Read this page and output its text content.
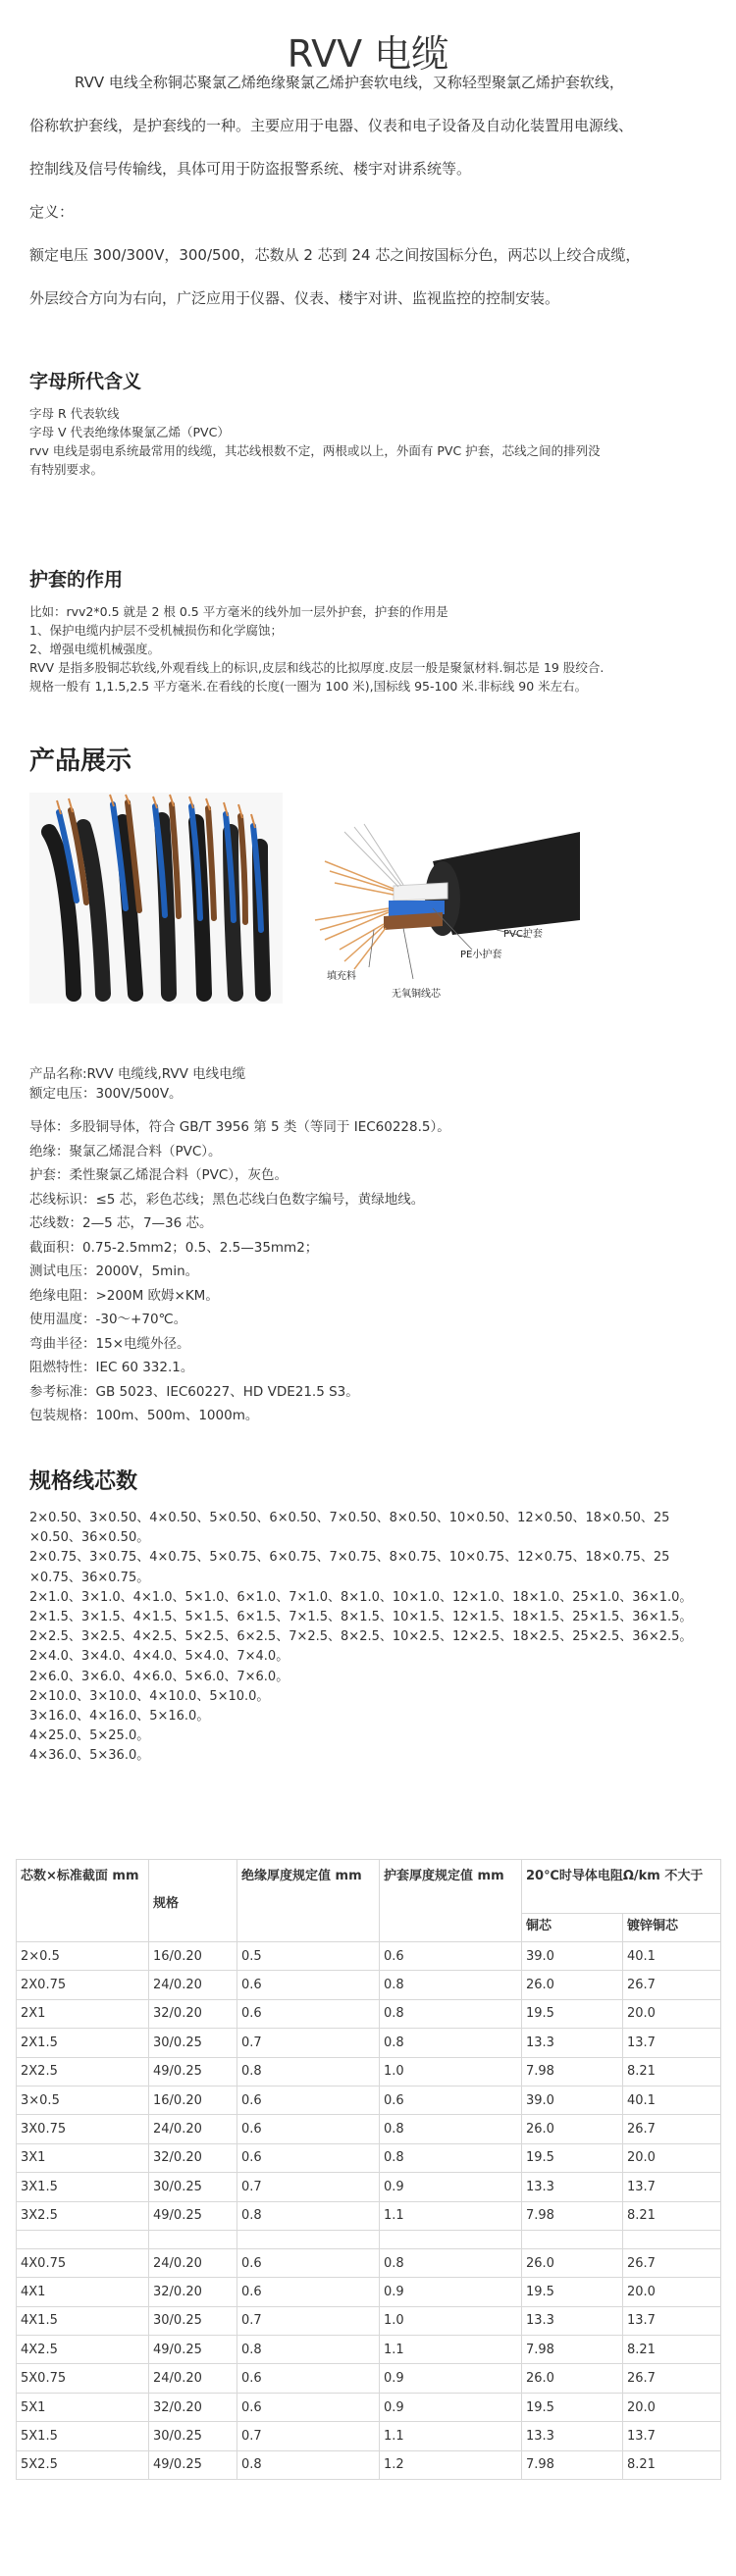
RVV 电缆

RVV 电线全称铜芯聚氯乙烯绝缘聚氯乙烯护套软电线，又称轻型聚氯乙烯护套软线，

俗称软护套线，是护套线的一种。主要应用于电器、仪表和电子设备及自动化装置用电源线、

控制线及信号传输线，具体可用于防盗报警系统、楼宇对讲系统等。

定义：

额定电压 300/300V，300/500，芯数从 2 芯到 24 芯之间按国标分色，两芯以上绞合成缆，

外层绞合方向为右向，广泛应用于仪器、仪表、楼宇对讲、监视监控的控制安装。

字母所代含义

字母 R 代表软线

字母 V 代表绝缘体聚氯乙烯（PVC）

rvv 电线是弱电系统最常用的线缆，其芯线根数不定，两根或以上，外面有 PVC 护套，芯线之间的排列没

有特别要求。

护套的作用

比如：rvv2*0.5 就是 2 根 0.5 平方毫米的线外加一层外护套，护套的作用是

1、保护电缆内护层不受机械损伤和化学腐蚀；

2、增强电缆机械强度。

RVV 是指多股铜芯软线,外观看线上的标识,皮层和线芯的比拟厚度.皮层一般是聚氯材料.铜芯是 19 股绞合.

规格一般有 1,1.5,2.5 平方毫米.在看线的长度(一圈为 100 米),国标线 95-100 米.非标线 90 米左右。

产品展示
PVC护套
PE小护套
填充料
无氧铜线芯

产品名称:RVV 电缆线,RVV 电线电缆

额定电压：300V/500V。

导体：多股铜导体，符合 GB/T 3956 第 5 类（等同于 IEC60228.5）。

绝缘：聚氯乙烯混合料（PVC）。

护套：柔性聚氯乙烯混合料（PVC），灰色。

芯线标识：≤5 芯，彩色芯线；黑色芯线白色数字编号，黄绿地线。

芯线数：2—5 芯，7—36 芯。

截面积：0.75-2.5mm2；0.5、2.5—35mm2；

测试电压：2000V，5min。

绝缘电阻：>200M 欧姆×KM。

使用温度：-30～+70℃。

弯曲半径：15×电缆外径。

阻燃特性：IEC 60 332.1。

参考标准：GB 5023、IEC60227、HD VDE21.5 S3。

包装规格：100m、500m、1000m。

规格线芯数

2×0.50、3×0.50、4×0.50、5×0.50、6×0.50、7×0.50、8×0.50、10×0.50、12×0.50、18×0.50、25

×0.50、36×0.50。

2×0.75、3×0.75、4×0.75、5×0.75、6×0.75、7×0.75、8×0.75、10×0.75、12×0.75、18×0.75、25

×0.75、36×0.75。

2×1.0、3×1.0、4×1.0、5×1.0、6×1.0、7×1.0、8×1.0、10×1.0、12×1.0、18×1.0、25×1.0、36×1.0。

2×1.5、3×1.5、4×1.5、5×1.5、6×1.5、7×1.5、8×1.5、10×1.5、12×1.5、18×1.5、25×1.5、36×1.5。

2×2.5、3×2.5、4×2.5、5×2.5、6×2.5、7×2.5、8×2.5、10×2.5、12×2.5、18×2.5、25×2.5、36×2.5。

2×4.0、3×4.0、4×4.0、5×4.0、7×4.0。

2×6.0、3×6.0、4×6.0、5×6.0、7×6.0。

2×10.0、3×10.0、4×10.0、5×10.0。

3×16.0、4×16.0、5×16.0。

4×25.0、5×25.0。

4×36.0、5×36.0。

芯数×标准截面 mm	规格	绝缘厚度规定值 mm	护套厚度规定值 mm	20℃时导体电阻Ω/km 不大于	
				铜芯	镀锌铜芯
2×0.5	16/0.20	0.5	0.6	39.0	40.1
2X0.75	24/0.20	0.6	0.8	26.0	26.7
2X1	32/0.20	0.6	0.8	19.5	20.0
2X1.5	30/0.25	0.7	0.8	13.3	13.7
2X2.5	49/0.25	0.8	1.0	7.98	8.21
3×0.5	16/0.20	0.6	0.6	39.0	40.1
3X0.75	24/0.20	0.6	0.8	26.0	26.7
3X1	32/0.20	0.6	0.8	19.5	20.0
3X1.5	30/0.25	0.7	0.9	13.3	13.7
3X2.5	49/0.25	0.8	1.1	7.98	8.21

4X0.75	24/0.20	0.6	0.8	26.0	26.7
4X1	32/0.20	0.6	0.9	19.5	20.0
4X1.5	30/0.25	0.7	1.0	13.3	13.7
4X2.5	49/0.25	0.8	1.1	7.98	8.21
5X0.75	24/0.20	0.6	0.9	26.0	26.7
5X1	32/0.20	0.6	0.9	19.5	20.0
5X1.5	30/0.25	0.7	1.1	13.3	13.7
5X2.5	49/0.25	0.8	1.2	7.98	8.21
